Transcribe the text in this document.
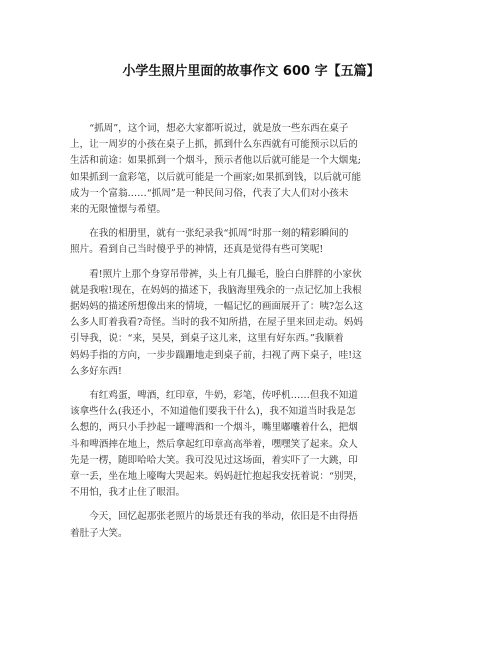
小学生照片里面的故事作文 600 字【五篇】

“抓周”，这个词，想必大家都听说过，就是放一些东西在桌子
上，让一周岁的小孩在桌子上抓，抓到什么东西就有可能预示以后的
生活和前途：如果抓到一个烟斗，预示者他以后就可能是一个大烟鬼;
如果抓到一盒彩笔，以后就可能是一个画家;如果抓到钱，以后就可能
成为一个富翁……“抓周”是一种民间习俗，代表了大人们对小孩未
来的无限憧憬与希望。

在我的相册里，就有一张纪录我“抓周”时那一刻的精彩瞬间的
照片。看到自己当时傻乎乎的神情，还真是觉得有些可笑呢!

看!照片上那个身穿吊带裤，头上有几撮毛，脸白白胖胖的小家伙
就是我啦!现在，在妈妈的描述下，我脑海里残余的一点记忆加上我根
据妈妈的描述所想像出来的情境，一幅记忆的画面展开了：咦?怎么这
么多人盯着我看?奇怪。当时的我不知所措，在屋子里来回走动。妈妈
引导我，说：“来，昊昊，到桌子这儿来，这里有好东西。”我顺着
妈妈手指的方向，一步步踹跚地走到桌子前，扫视了两下桌子，哇!这
么多好东西!

有红鸡蛋，啤酒，红印章，牛奶，彩笔，传呼机……但我不知道
该拿些什么(我还小，不知道他们要我干什么)，我不知道当时我是怎
么想的，两只小手抄起一罐啤酒和一个烟斗，嘴里嘟囔着什么，把烟
斗和啤酒摔在地上，然后拿起红印章高高举着，嘿嘿笑了起来。众人
先是一楞，随即哈哈大笑。我可没见过这场面，着实吓了一大跳，印
章一丢，坐在地上嚎啕大哭起来。妈妈赶忙抱起我安抚着说：“别哭，
不用怕，我才止住了眼泪。

今天，回忆起那张老照片的场景还有我的举动，依旧是不由得捂
着肚子大笑。
